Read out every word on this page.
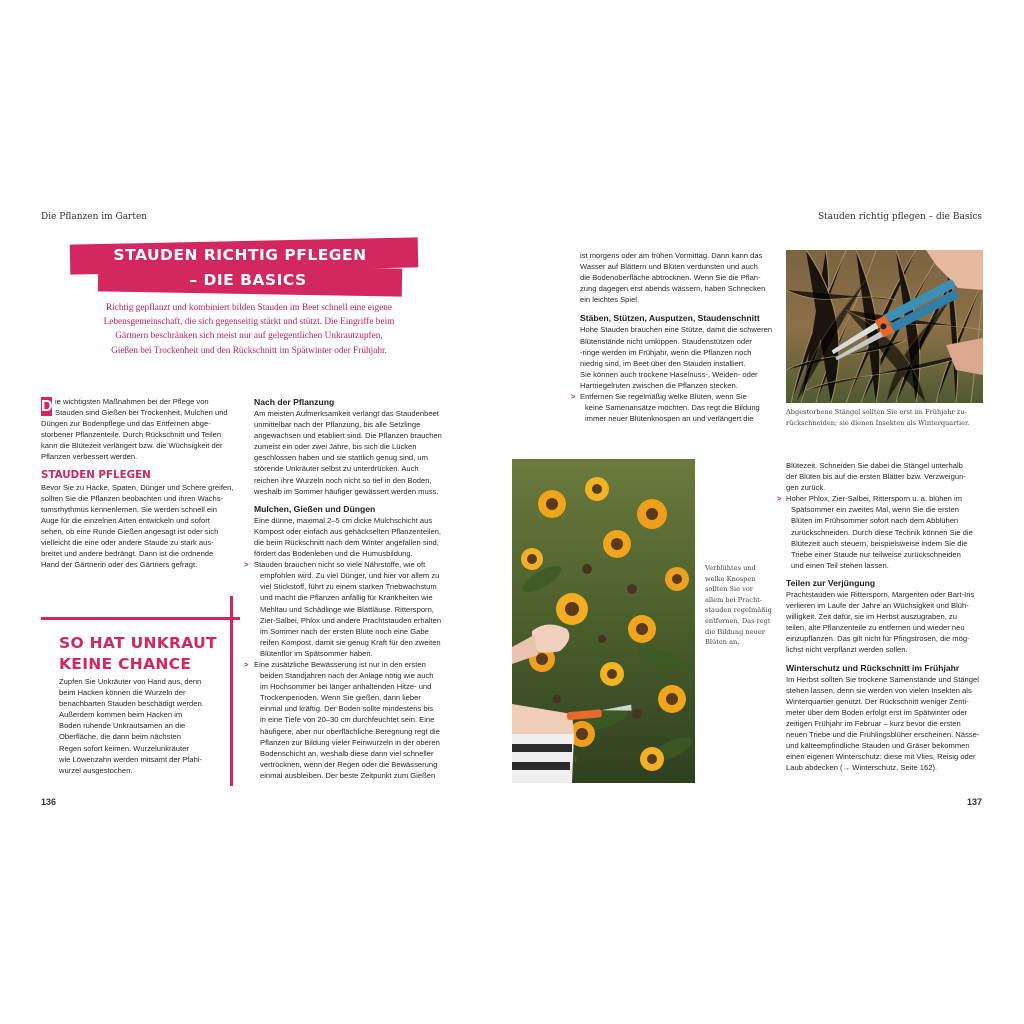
Die Pflanzen im Garten	Stauden richtig pflegen – die Basics
STAUDEN RICHTIG PFLEGEN
– DIE BASICS
Richtig gepflanzt und kombiniert bilden Stauden im Beet schnell eine eigene
Lebensgemeinschaft, die sich gegenseitig stärkt und stützt. Die Eingriffe beim
Gärtnern beschränken sich meist nur auf gelegentlichen Unkrautzupfen,
Gießen bei Trockenheit und den Rückschnitt im Spätwinter oder Frühjahr.
D ie wichtigsten Maßnahmen bei der Pflege von

Stauden sind Gießen bei Trockenheit, Mulchen und

Düngen zur Bodenpflege und das Entfernen abge-

storbener Pflanzenteile. Durch Rückschnitt und Teilen

kann die Blütezeit verlängert bzw. die Wüchsigkeit der

Pflanzen verbessert werden.

STAUDEN PFLEGEN

Bevor Sie zu Hacke, Spaten, Dünger und Schere greifen,

sollten Sie die Pflanzen beobachten und ihren Wachs-

tumsrhythmus kennenlernen. Sie werden schnell ein

Auge für die einzelnen Arten entwickeln und sofort

sehen, ob eine Runde Gießen angesagt ist oder sich

vielleicht die eine oder andere Staude zu stark aus-

breitet und andere bedrängt. Dann ist die ordnende

Hand der Gärtnerin oder des Gärtners gefragt.

SO HAT UNKRAUT
KEINE CHANCE

Zupfen Sie Unkräuter von Hand aus, denn

beim Hacken können die Wurzeln der

benachbarten Stauden beschädigt werden.

Außerdem kommen beim Hacken im

Boden ruhende Unkrautsamen an die

Oberfläche, die dann beim nächsten

Regen sofort keimen. Wurzelunkräuter

wie Löwenzahn werden mitsamt der Pfahl-

wurzel ausgestochen.

Nach der Pflanzung

Am meisten Aufmerksamkeit verlangt das Staudenbeet

unmittelbar nach der Pflanzung, bis alle Setzlinge

angewachsen und etabliert sind. Die Pflanzen brauchen

zumeist ein oder zwei Jahre, bis sich die Lücken

geschlossen haben und sie stattlich genug sind, um

störende Unkräuter selbst zu unterdrücken. Auch

reichen ihre Wurzeln noch nicht so tief in den Boden,

weshalb im Sommer häufiger gewässert werden muss.

Mulchen, Gießen und Düngen

Eine dünne, maximal 2–5 cm dicke Mulchschicht aus

Kompost oder einfach aus gehäckselten Pflanzenteilen,

die beim Rückschnitt nach dem Winter angefallen sind,

fördert das Bodenleben und die Humusbildung.

> Stauden brauchen nicht so viele Nährstoffe, wie oft

empfohlen wird. Zu viel Dünger, und hier vor allem zu

viel Stickstoff, führt zu einem starken Triebwachstum

und macht die Pflanzen anfällig für Krankheiten wie

Mehltau und Schädlinge wie Blattläuse. Rittersporn,

Zier-Salbei, Phlox und andere Prachtstauden erhalten

im Sommer nach der ersten Blüte noch eine Gabe

reifen Kompost, damit sie genug Kraft für den zweiten

Blütenflor im Spätsommer haben.

> Eine zusätzliche Bewässerung ist nur in den ersten

beiden Standjahren nach der Anlage nötig wie auch

im Hochsommer bei länger anhaltenden Hitze- und

Trockenperioden. Wenn Sie gießen, dann lieber

einmal und kräftig. Der Boden sollte mindestens bis

in eine Tiefe von 20–30 cm durchfeuchtet sein. Eine

häufigere, aber nur oberflächliche Beregnung regt die

Pflanzen zur Bildung vieler Feinwurzeln in der oberen

Bodenschicht an, weshalb diese dann viel schneller

vertrocknen, wenn der Regen oder die Bewässerung

einmal ausbleiben. Der beste Zeitpunkt zum Gießen

ist morgens oder am frühen Vormittag. Dann kann das

Wasser auf Blättern und Blüten verdunsten und auch

die Bodenoberfläche abtrocknen. Wenn Sie die Pflan-

zung dagegen erst abends wässern, haben Schnecken

ein leichtes Spiel.

Stäben, Stützen, Ausputzen, Staudenschnitt

Hohe Stauden brauchen eine Stütze, damit die schweren

Blütenstände nicht umkippen. Staudenstützen oder

-ringe werden im Frühjahr, wenn die Pflanzen noch

niedrig sind, im Beet über den Stauden installiert.

Sie können auch trockene Haselnuss-, Weiden- oder

Hartriegelruten zwischen die Pflanzen stecken.

> Entfernen Sie regelmäßig welke Blüten, wenn Sie

keine Samenansätze möchten. Das regt die Bildung

immer neuer Blütenknospen an und verlängert die

Abgestorbene Stängel sollten Sie erst im Frühjahr zu-
rückschneiden; sie dienen Insekten als Winterquartier.
Verblühtes und
welke Knospen
sollten Sie vor
allem bei Pracht-
stauden regelmäßig
entfernen. Das regt
die Bildung neuer
Blüten an.

Blütezeit. Schneiden Sie dabei die Stängel unterhalb

der Blüten bis auf die ersten Blätter bzw. Verzweigun-

gen zurück.

> Hoher Phlox, Zier-Salbei, Rittersporn u. a. blühen im

Spätsommer ein zweites Mal, wenn Sie die ersten

Blüten im Frühsommer sofort nach dem Abblühen

zurückschneiden. Durch diese Technik können Sie die

Blütezeit auch steuern, beispielsweise indem Sie die

Triebe einer Staude nur teilweise zurückschneiden

und einen Teil stehen lassen.

Teilen zur Verjüngung

Prachtstauden wie Rittersporn, Margeriten oder Bart-Iris

verlieren im Laufe der Jahre an Wüchsigkeit und Blüh-

willigkeit. Zeit dafür, sie im Herbst auszugraben, zu

teilen, alte Pflanzenteile zu entfernen und wieder neu

einzupflanzen. Das gilt nicht für Pfingstrosen, die mög-

lichst nicht verpflanzt werden sollen.

Winterschutz und Rückschnitt im Frühjahr

Im Herbst sollten Sie trockene Samenstände und Stängel

stehen lassen, denn sie werden von vielen Insekten als

Winterquartier genutzt. Der Rückschnitt weniger Zenti-

meter über dem Boden erfolgt erst im Spätwinter oder

zeitigen Frühjahr im Februar – kurz bevor die ersten

neuen Triebe und die Frühlingsblüher erscheinen. Nässe-

und kälteempfindliche Stauden und Gräser bekommen

einen eigenen Winterschutz: diese mit Vlies, Reisig oder

Laub abdecken (→ Winterschutz, Seite 162).

136	137
